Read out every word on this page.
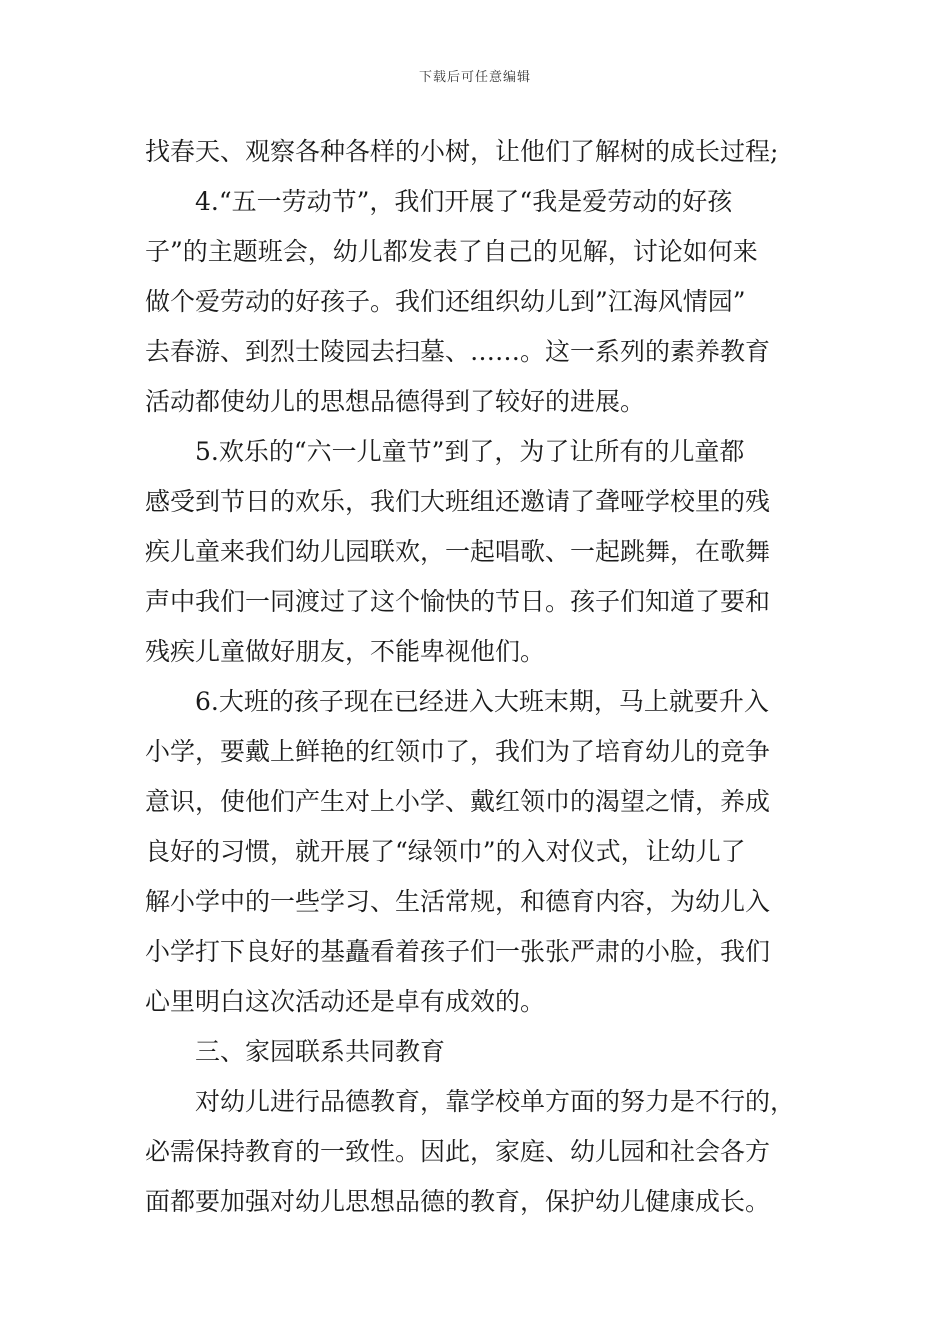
下载后可任意编辑
找春天、观察各种各样的小树，让他们了解树的成长过程;
4.“五一劳动节”，我们开展了“我是爱劳动的好孩
子”的主题班会，幼儿都发表了自己的见解，讨论如何来
做个爱劳动的好孩子。我们还组织幼儿到”江海风情园”
去春游、到烈士陵园去扫墓、……。这一系列的素养教育
活动都使幼儿的思想品德得到了较好的进展。
5.欢乐的“六一儿童节”到了，为了让所有的儿童都
感受到节日的欢乐，我们大班组还邀请了聋哑学校里的残
疾儿童来我们幼儿园联欢，一起唱歌、一起跳舞，在歌舞
声中我们一同渡过了这个愉快的节日。孩子们知道了要和
残疾儿童做好朋友，不能卑视他们。
6.大班的孩子现在已经进入大班末期，马上就要升入
小学，要戴上鲜艳的红领巾了，我们为了培育幼儿的竞争
意识，使他们产生对上小学、戴红领巾的渴望之情，养成
良好的习惯，就开展了“绿领巾”的入对仪式，让幼儿了
解小学中的一些学习、生活常规，和德育内容，为幼儿入
小学打下良好的基矗看着孩子们一张张严肃的小脸，我们
心里明白这次活动还是卓有成效的。
三、家园联系共同教育
对幼儿进行品德教育，靠学校单方面的努力是不行的，
必需保持教育的一致性。因此，家庭、幼儿园和社会各方
面都要加强对幼儿思想品德的教育，保护幼儿健康成长。
